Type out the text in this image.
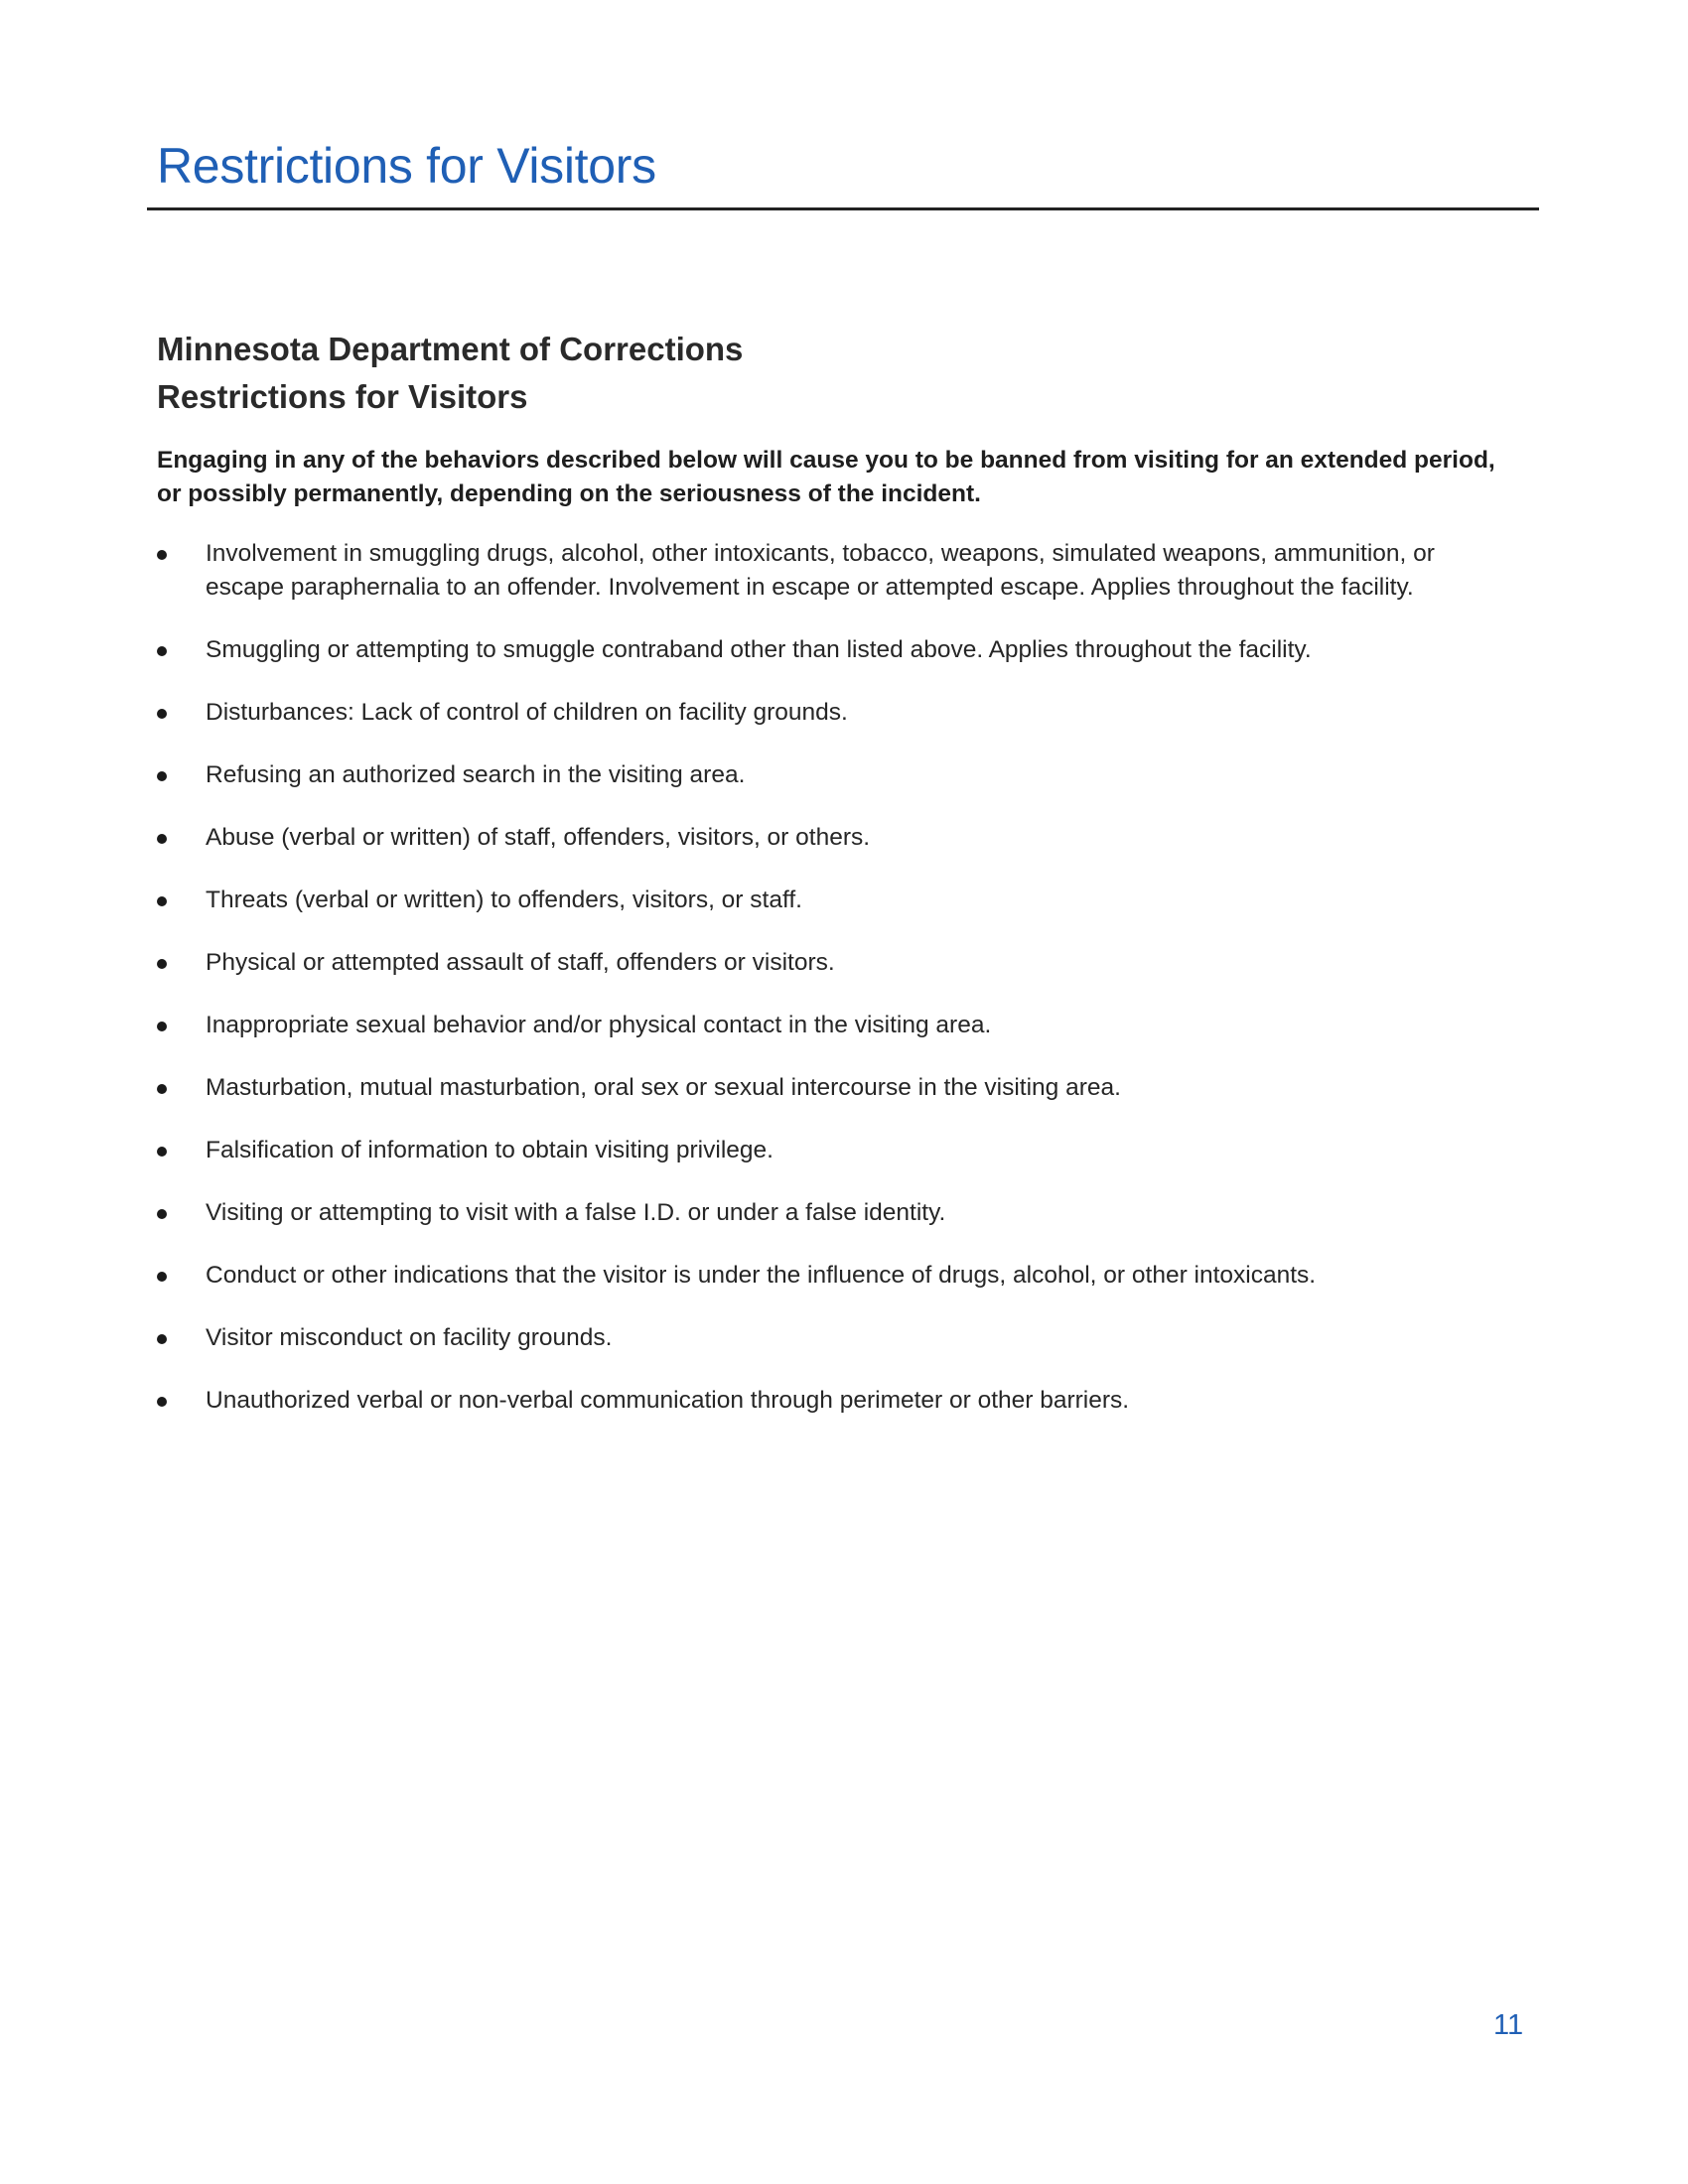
Restrictions for Visitors
Minnesota Department of Corrections
Restrictions for Visitors

Engaging in any of the behaviors described below will cause you to be banned from visiting for an extended period, or possibly permanently, depending on the seriousness of the incident.

Involvement in smuggling drugs, alcohol, other intoxicants, tobacco, weapons, simulated weapons, ammunition, or escape paraphernalia to an offender. Involvement in escape or attempted escape. Applies throughout the facility.
Smuggling or attempting to smuggle contraband other than listed above. Applies throughout the facility.
Disturbances: Lack of control of children on facility grounds.
Refusing an authorized search in the visiting area.
Abuse (verbal or written) of staff, offenders, visitors, or others.
Threats (verbal or written) to offenders, visitors, or staff.
Physical or attempted assault of staff, offenders or visitors.
Inappropriate sexual behavior and/or physical contact in the visiting area.
Masturbation, mutual masturbation, oral sex or sexual intercourse in the visiting area.
Falsification of information to obtain visiting privilege.
Visiting or attempting to visit with a false I.D. or under a false identity.
Conduct or other indications that the visitor is under the influence of drugs, alcohol, or other intoxicants.
Visitor misconduct on facility grounds.
Unauthorized verbal or non-verbal communication through perimeter or other barriers.
11
